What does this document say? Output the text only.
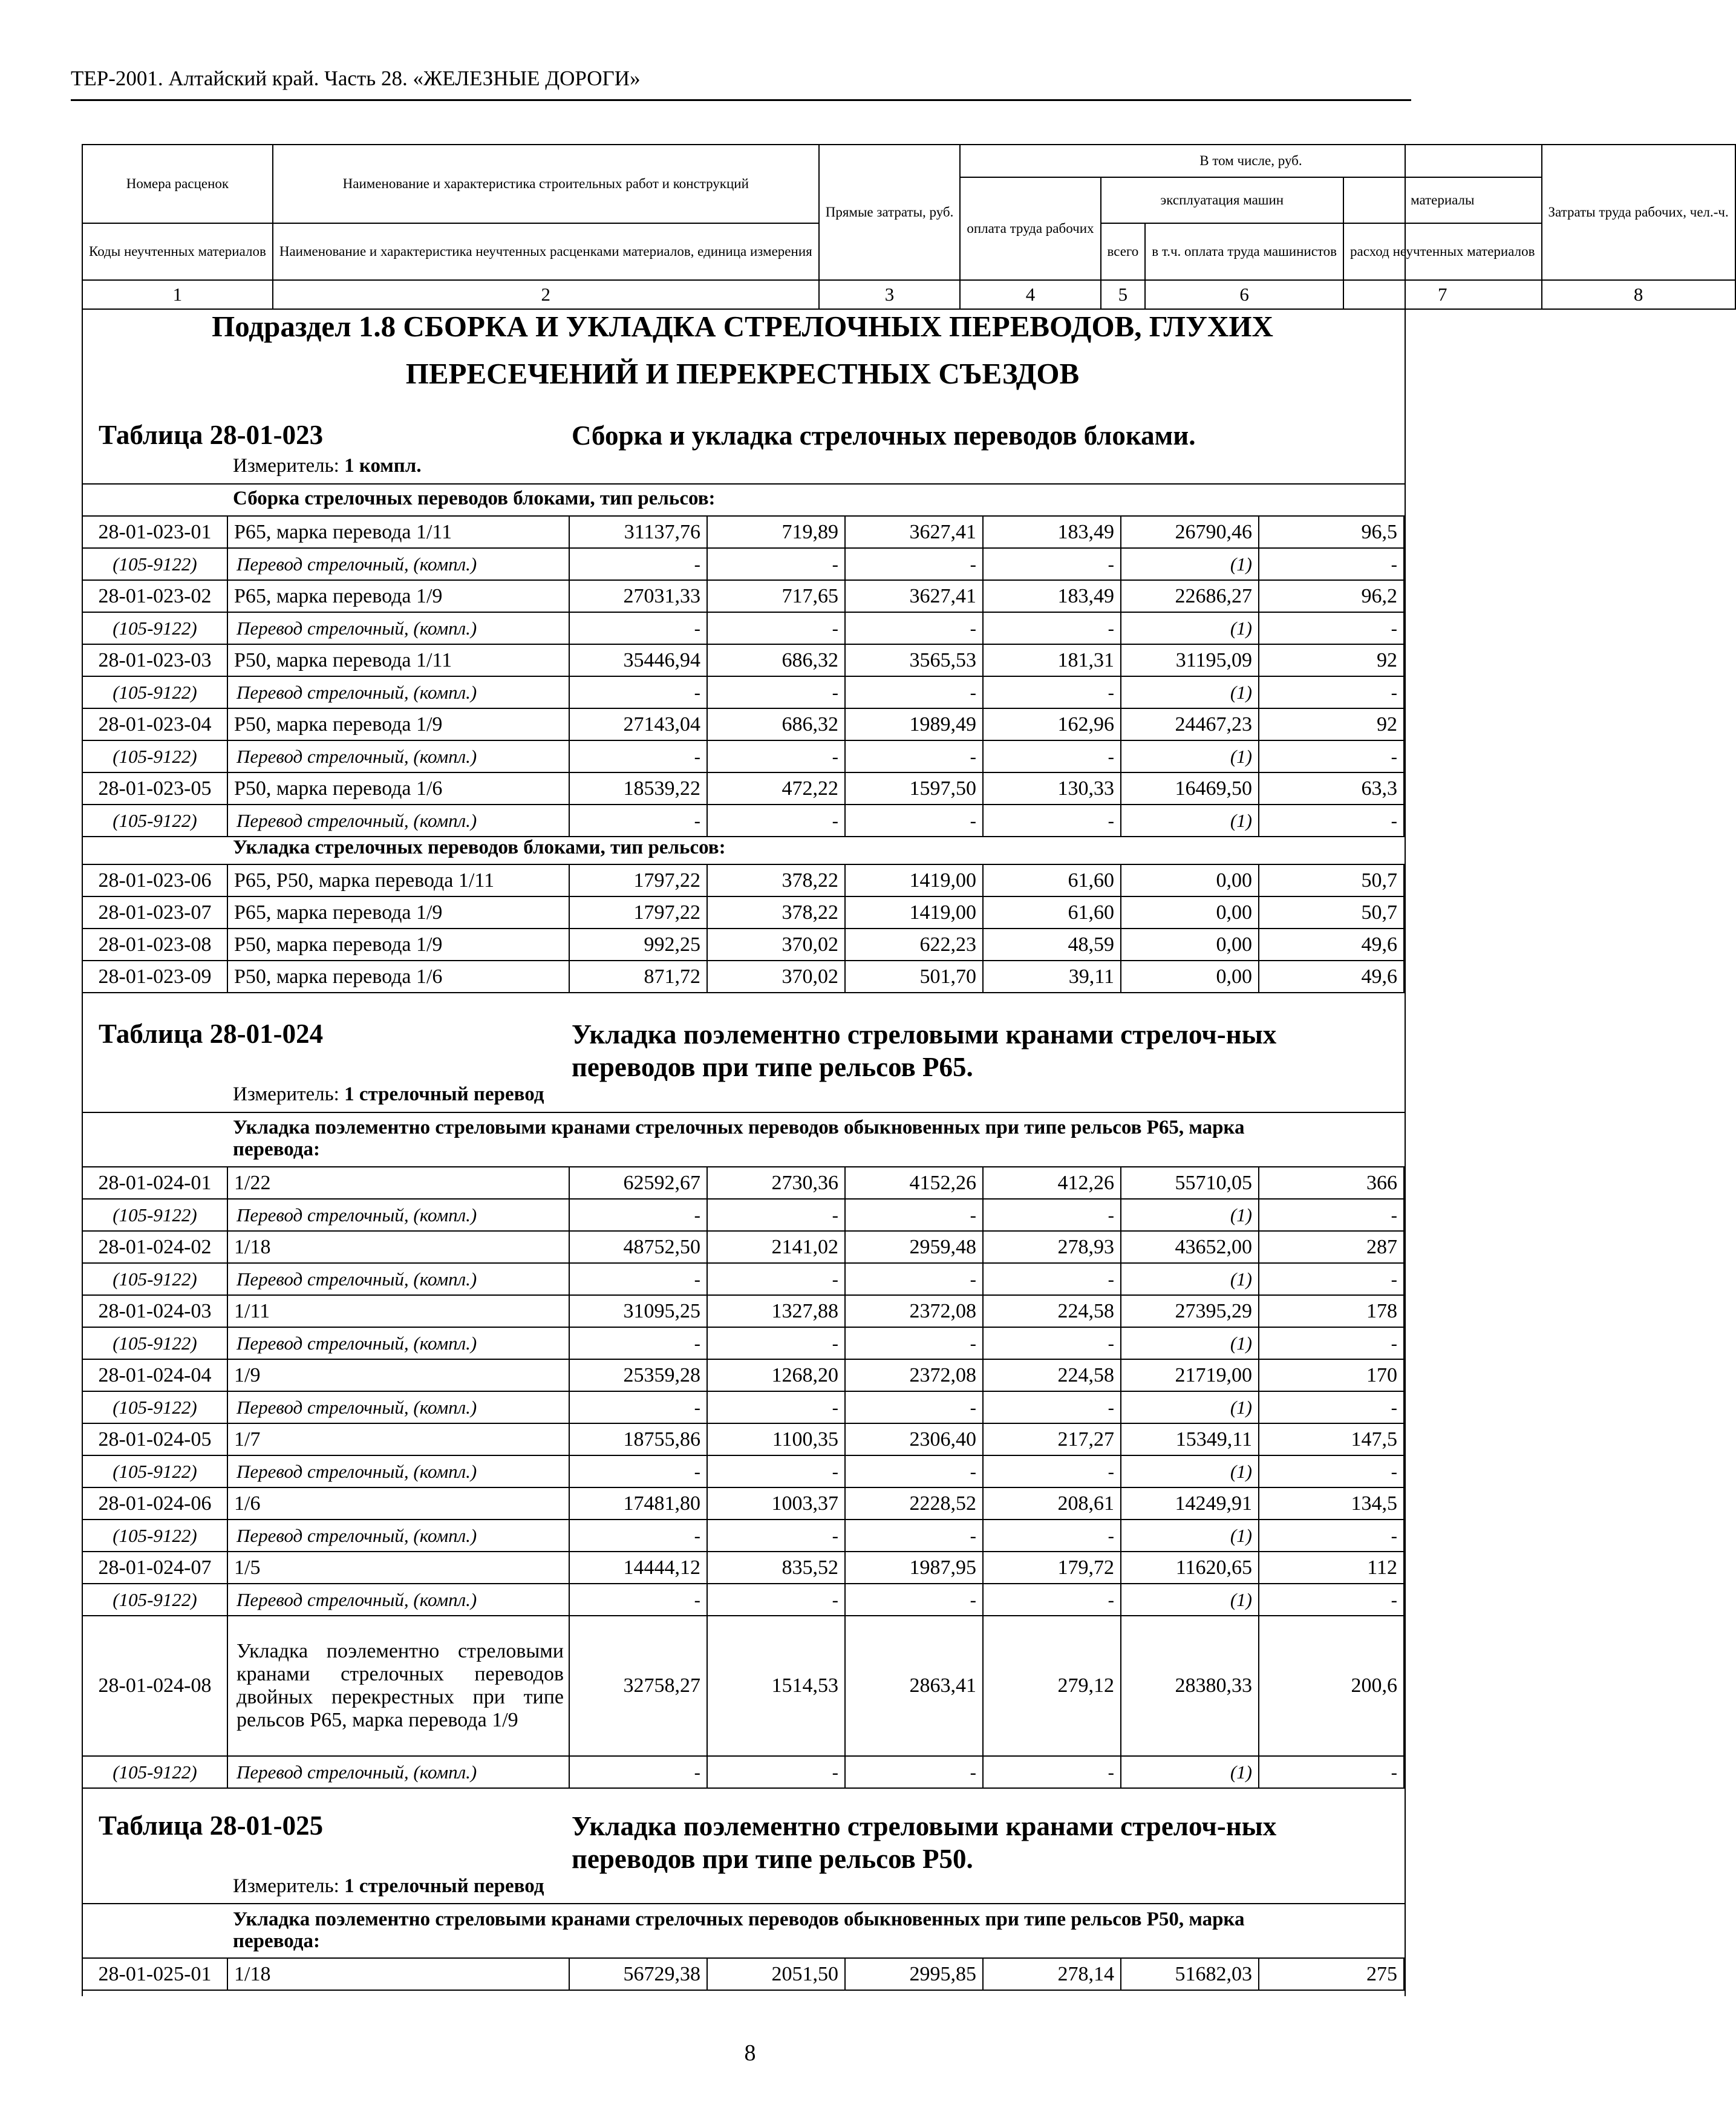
ТЕР-2001. Алтайский край. Часть 28. «ЖЕЛЕЗНЫЕ ДОРОГИ»
Номера расценок	Наименование и характеристика строительных работ и конструкций	Прямые затраты, руб.	В том числе, руб.				Затраты труда рабочих, чел.-ч.
			оплата труда рабочих	эксплуатация машин		материалы	
Коды неучтенных материалов	Наименование и характеристика неучтенных расценками материалов, единица измерения			всего	в т.ч. оплата труда машинистов	расход неучтенных материалов	
1	2	3	4	5	6	7	8
Подраздел 1.8 СБОРКА И УКЛАДКА СТРЕЛОЧНЫХ ПЕРЕВОДОВ, ГЛУХИХ
ПЕРЕСЕЧЕНИЙ И ПЕРЕКРЕСТНЫХ СЪЕЗДОВ
Таблица 28-01-023	Сборка и укладка стрелочных переводов блоками.
Измеритель: 1 компл.
Сборка стрелочных переводов блоками, тип рельсов:
28-01-023-01	Р65, марка перевода 1/11	31137,76	719,89	3627,41	183,49	26790,46	96,5
(105-9122)	Перевод стрелочный, (компл.)	-	-	-	-	(1)	-
28-01-023-02	Р65, марка перевода 1/9	27031,33	717,65	3627,41	183,49	22686,27	96,2
(105-9122)	Перевод стрелочный, (компл.)	-	-	-	-	(1)	-
28-01-023-03	Р50, марка перевода 1/11	35446,94	686,32	3565,53	181,31	31195,09	92
(105-9122)	Перевод стрелочный, (компл.)	-	-	-	-	(1)	-
28-01-023-04	Р50, марка перевода 1/9	27143,04	686,32	1989,49	162,96	24467,23	92
(105-9122)	Перевод стрелочный, (компл.)	-	-	-	-	(1)	-
28-01-023-05	Р50, марка перевода 1/6	18539,22	472,22	1597,50	130,33	16469,50	63,3
(105-9122)	Перевод стрелочный, (компл.)	-	-	-	-	(1)	-
Укладка стрелочных переводов блоками, тип рельсов:
28-01-023-06	Р65, Р50, марка перевода 1/11	1797,22	378,22	1419,00	61,60	0,00	50,7
28-01-023-07	Р65, марка перевода 1/9	1797,22	378,22	1419,00	61,60	0,00	50,7
28-01-023-08	Р50, марка перевода 1/9	992,25	370,02	622,23	48,59	0,00	49,6
28-01-023-09	Р50, марка перевода 1/6	871,72	370,02	501,70	39,11	0,00	49,6
Таблица 28-01-024	Укладка поэлементно стреловыми кранами стрелоч-ных переводов при типе рельсов Р65.
Измеритель: 1 стрелочный перевод
Укладка поэлементно стреловыми кранами стрелочных переводов обыкновенных при типе рельсов Р65, марка перевода:
28-01-024-01	1/22	62592,67	2730,36	4152,26	412,26	55710,05	366
(105-9122)	Перевод стрелочный, (компл.)	-	-	-	-	(1)	-
28-01-024-02	1/18	48752,50	2141,02	2959,48	278,93	43652,00	287
(105-9122)	Перевод стрелочный, (компл.)	-	-	-	-	(1)	-
28-01-024-03	1/11	31095,25	1327,88	2372,08	224,58	27395,29	178
(105-9122)	Перевод стрелочный, (компл.)	-	-	-	-	(1)	-
28-01-024-04	1/9	25359,28	1268,20	2372,08	224,58	21719,00	170
(105-9122)	Перевод стрелочный, (компл.)	-	-	-	-	(1)	-
28-01-024-05	1/7	18755,86	1100,35	2306,40	217,27	15349,11	147,5
(105-9122)	Перевод стрелочный, (компл.)	-	-	-	-	(1)	-
28-01-024-06	1/6	17481,80	1003,37	2228,52	208,61	14249,91	134,5
(105-9122)	Перевод стрелочный, (компл.)	-	-	-	-	(1)	-
28-01-024-07	1/5	14444,12	835,52	1987,95	179,72	11620,65	112
(105-9122)	Перевод стрелочный, (компл.)	-	-	-	-	(1)	-
28-01-024-08	Укладка поэлементно стреловыми кранами стрелочных переводов двойных перекрестных при типе рельсов Р65, марка перевода 1/9	32758,27	1514,53	2863,41	279,12	28380,33	200,6
(105-9122)	Перевод стрелочный, (компл.)	-	-	-	-	(1)	-
Таблица 28-01-025	Укладка поэлементно стреловыми кранами стрелоч-ных переводов при типе рельсов Р50.
Измеритель: 1 стрелочный перевод
Укладка поэлементно стреловыми кранами стрелочных переводов обыкновенных при типе рельсов Р50, марка перевода:
28-01-025-01	1/18	56729,38	2051,50	2995,85	278,14	51682,03	275
8
